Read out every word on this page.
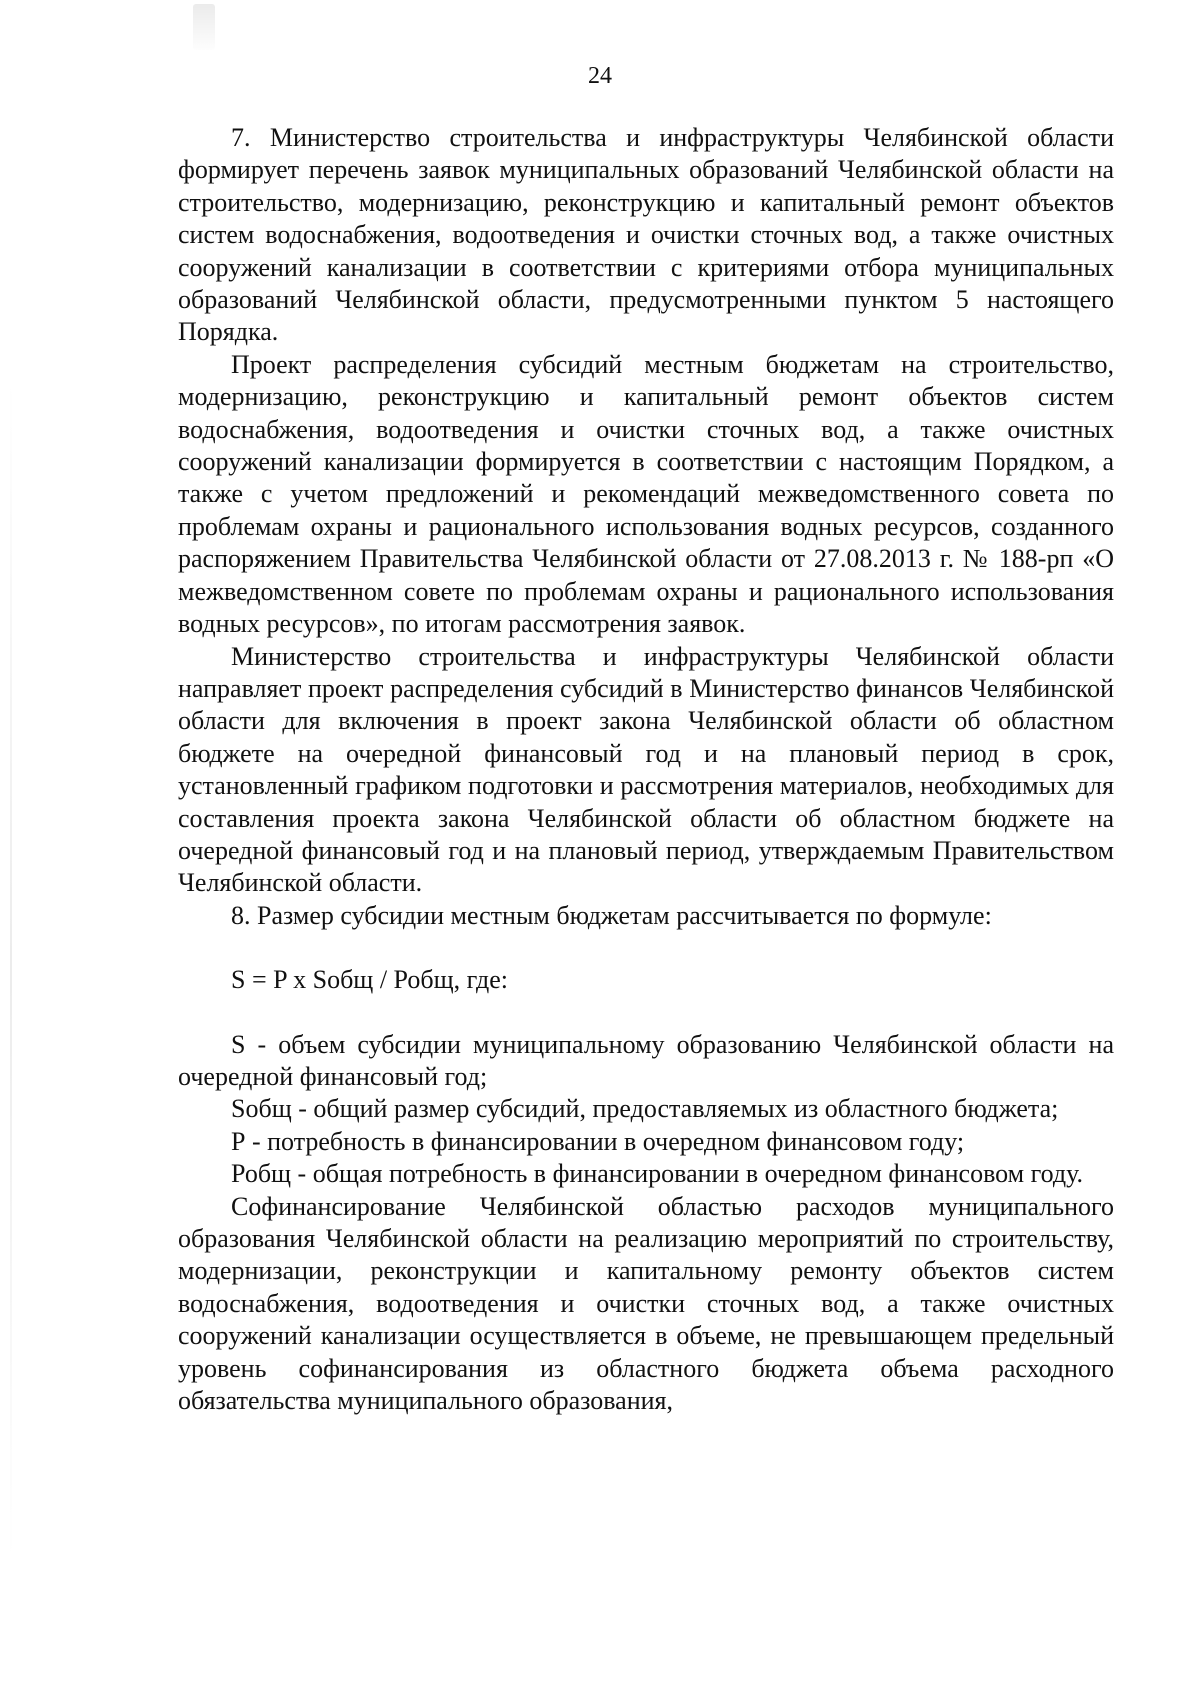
24

7. Министерство строительства и инфраструктуры Челябинской области формирует перечень заявок муниципальных образований Челябинской области на строительство, модернизацию, реконструкцию и капитальный ремонт объектов систем водоснабжения, водоотведения и очистки сточных вод, а также очистных сооружений канализации в соответствии с критериями отбора муниципальных образований Челябинской области, предусмотренными пунктом 5 настоящего Порядка.

Проект распределения субсидий местным бюджетам на строительство, модернизацию, реконструкцию и капитальный ремонт объектов систем водоснабжения, водоотведения и очистки сточных вод, а также очистных сооружений канализации формируется в соответствии с настоящим Порядком, а также с учетом предложений и рекомендаций межведомственного совета по проблемам охраны и рационального использования водных ресурсов, созданного распоряжением Правительства Челябинской области от 27.08.2013 г. № 188-рп «О межведомственном совете по проблемам охраны и рационального использования водных ресурсов», по итогам рассмотрения заявок.

Министерство строительства и инфраструктуры Челябинской области направляет проект распределения субсидий в Министерство финансов Челябинской области для включения в проект закона Челябинской области об областном бюджете на очередной финансовый год и на плановый период в срок, установленный графиком подготовки и рассмотрения материалов, необходимых для составления проекта закона Челябинской области об областном бюджете на очередной финансовый год и на плановый период, утверждаемым Правительством Челябинской области.

8. Размер субсидии местным бюджетам рассчитывается по формуле:

S = P x Sобщ / Робщ, где:

S - объем субсидии муниципальному образованию Челябинской области на очередной финансовый год;

Sобщ - общий размер субсидий, предоставляемых из областного бюджета;

Р - потребность в финансировании в очередном финансовом году;

Робщ - общая потребность в финансировании в очередном финансовом году.

Софинансирование Челябинской областью расходов муниципального образования Челябинской области на реализацию мероприятий по строительству, модернизации, реконструкции и капитальному ремонту объектов систем водоснабжения, водоотведения и очистки сточных вод, а также очистных сооружений канализации осуществляется в объеме, не превышающем предельный уровень софинансирования из областного бюджета объема расходного обязательства муниципального образования,
